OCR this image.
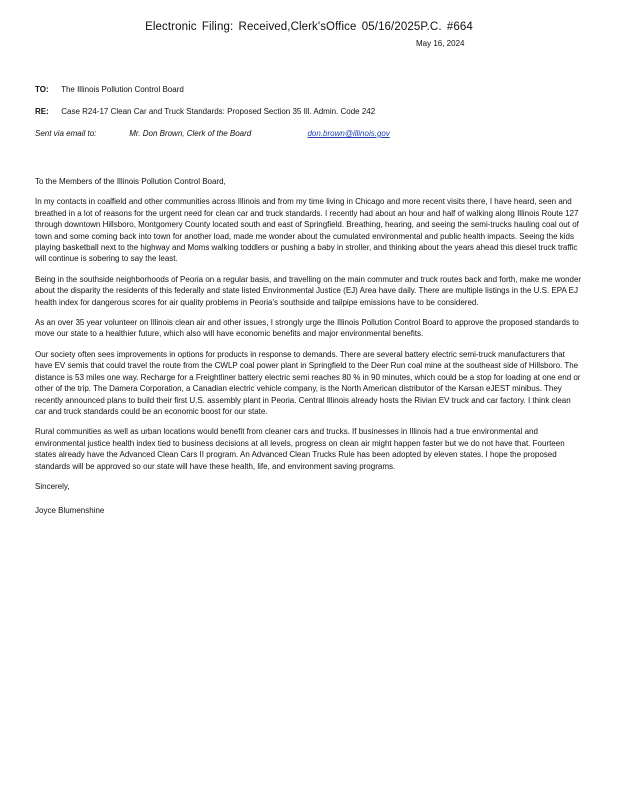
Electronic Filing: Received,Clerk'sOffice 05/16/2025P.C. #664
May 16, 2024
TO: The Illinois Pollution Control Board
RE: Case R24-17 Clean Car and Truck Standards: Proposed Section 35 Ill. Admin. Code 242
Sent via email to:	Mr. Don Brown, Clerk of the Board	don.brown@illinois.gov
To the Members of the Illinois Pollution Control Board,

In my contacts in coalfield and other communities across Illinois and from my time living in Chicago and more recent visits there, I have heard, seen and breathed in a lot of reasons for the urgent need for clean car and truck standards. I recently had about an hour and half of walking along Illinois Route 127 through downtown Hillsboro, Montgomery County located south and east of Springfield. Breathing, hearing, and seeing the semi-trucks hauling coal out of town and some coming back into town for another load, made me wonder about the cumulated environmental and public health impacts. Seeing the kids playing basketball next to the highway and Moms walking toddlers or pushing a baby in stroller, and thinking about the years ahead this diesel truck traffic will continue is sobering to say the least.

Being in the southside neighborhoods of Peoria on a regular basis, and travelling on the main commuter and truck routes back and forth, make me wonder about the disparity the residents of this federally and state listed Environmental Justice (EJ) Area have daily. There are multiple listings in the U.S. EPA EJ health index for dangerous scores for air quality problems in Peoria's southside and tailpipe emissions have to be considered.

As an over 35 year volunteer on Illinois clean air and other issues, I strongly urge the Illinois Pollution Control Board to approve the proposed standards to move our state to a healthier future, which also will have economic benefits and major environmental benefits.

Our society often sees improvements in options for products in response to demands. There are several battery electric semi-truck manufacturers that have EV semis that could travel the route from the CWLP coal power plant in Springfield to the Deer Run coal mine at the southeast side of Hillsboro. The distance is 53 miles one way. Recharge for a Freightliner battery electric semi reaches 80 % in 90 minutes, which could be a stop for loading at one end or other of the trip. The Damera Corporation, a Canadian electric vehicle company, is the North American distributor of the Karsan eJEST minibus. They recently announced plans to build their first U.S. assembly plant in Peoria. Central Illinois already hosts the Rivian EV truck and car factory. I think clean car and truck standards could be an economic boost for our state.

Rural communities as well as urban locations would benefit from cleaner cars and trucks. If businesses in Illinois had a true environmental and environmental justice health index tied to business decisions at all levels, progress on clean air might happen faster but we do not have that. Fourteen states already have the Advanced Clean Cars II program. An Advanced Clean Trucks Rule has been adopted by eleven states. I hope the proposed standards will be approved so our state will have these health, life, and environment saving programs.

Sincerely,
Joyce Blumenshine
